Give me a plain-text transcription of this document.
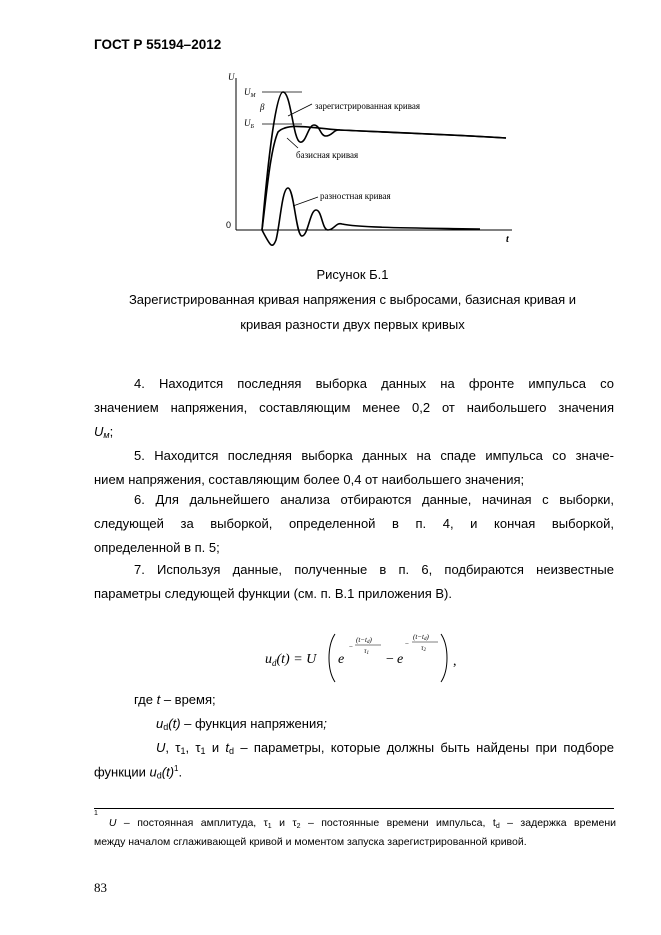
ГОСТ Р 55194–2012
U
t
0
$U_М$
$U_Б$
β	зарегистрированная кривая
базисная кривая
разностная кривая
Рисунок Б.1
Зарегистрированная кривая напряжения с выбросами, базисная кривая и
кривая разности двух первых кривых
4. Находится последняя выборка данных на фронте импульса со
значением напряжения, составляющим менее 0,2 от наибольшего значения
Uм;
5. Находится последняя выборка данных на спаде импульса со значе-
нием напряжения, составляющим более 0,4 от наибольшего значения;
6. Для дальнейшего анализа отбираются данные, начиная с выборки,
следующей за выборкой, определенной в п. 4, и кончая выборкой,
определенной в п. 5;
7. Используя данные, полученные в п. 6, подбираются неизвестные
параметры следующей функции (см. п. В.1 приложения В).
$u_d(t) = U$ e
−
(t−td)
τ1 − e
−
(t−td)
τ2
,
где t – время;
ud(t) – функция напряжения;
U, τ1, τ1 и td – параметры, которые должны быть найдены при подборе
функции $ud(t)^1$.
$^1$
U – постоянная амплитуда, τ1 и τ2 – постоянные времени импульса, td – задержка времени
между началом сглаживающей кривой и моментом запуска зарегистрированной кривой.
83
